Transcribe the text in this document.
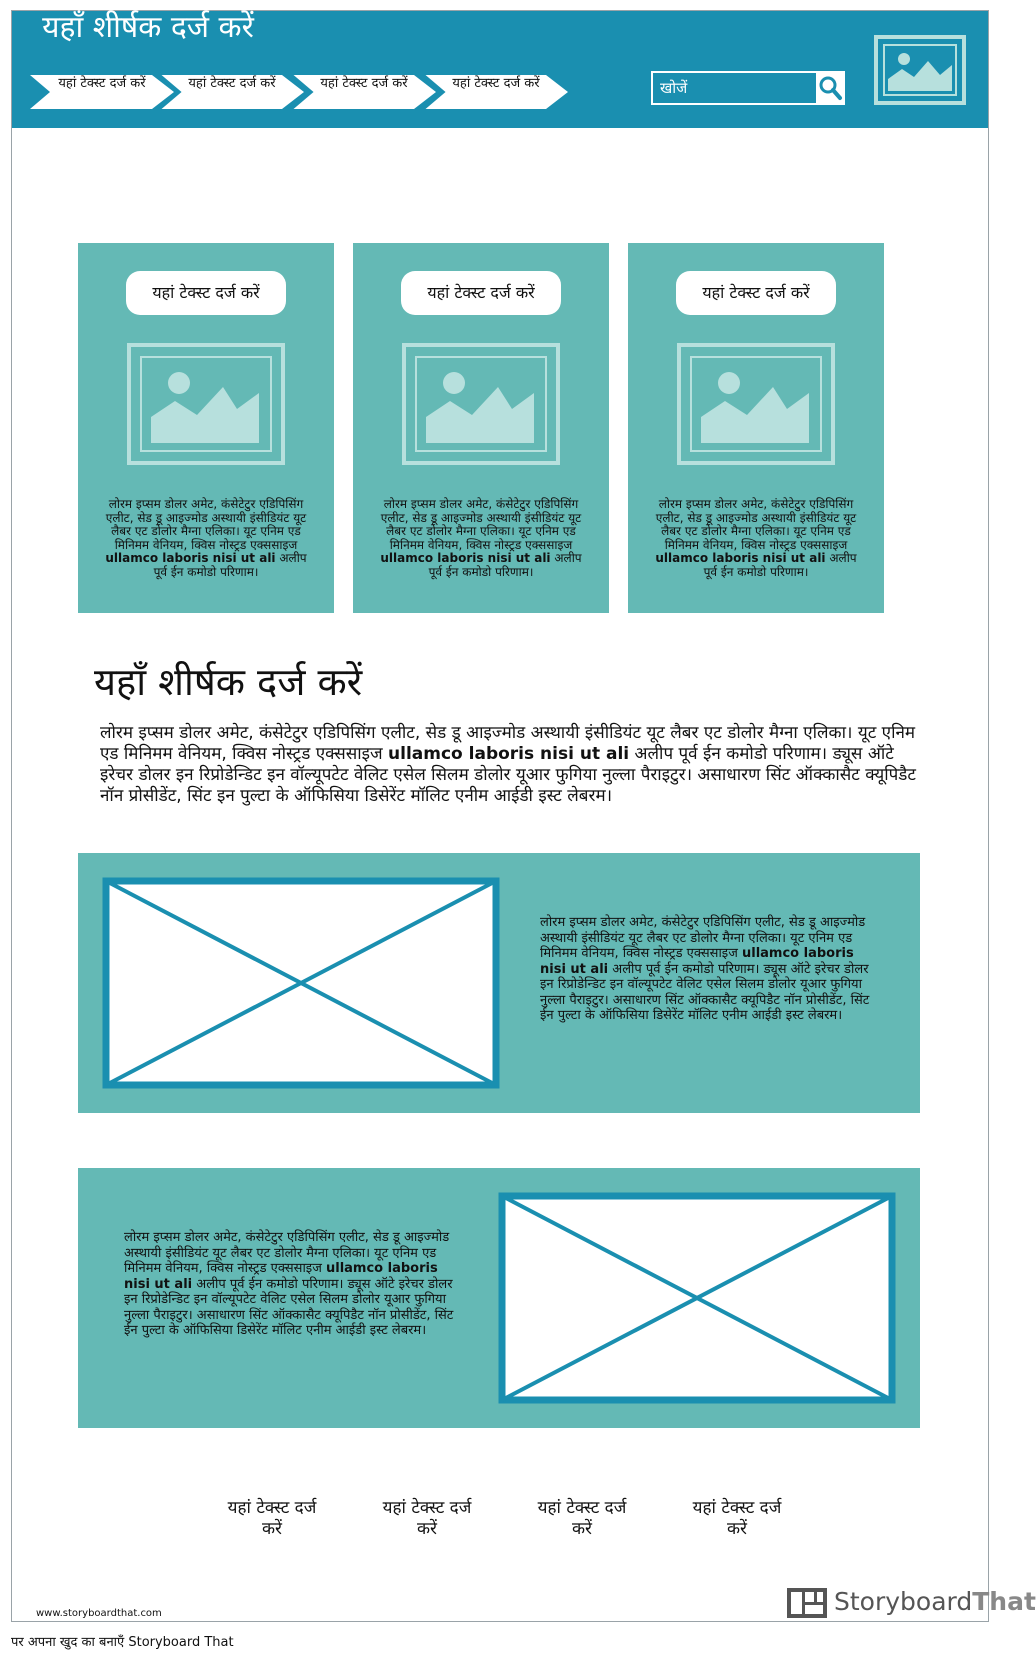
यहाँ शीर्षक दर्ज करें
यहां टेक्स्ट दर्ज करें	यहां टेक्स्ट दर्ज करें	यहां टेक्स्ट दर्ज करें	यहां टेक्स्ट दर्ज करें
खोजें
यहां टेक्स्ट दर्ज करें
लोरम इप्सम डोलर अमेट, कंसेटेटुर एडिपिसिंग एलीट, सेड डू आइज्मोड अस्थायी इंसीडियंट यूट लैबर एट डोलोर मैग्ना एलिका। यूट एनिम एड मिनिमम वेनियम, क्विस नोस्ट्रड एक्ससाइज ullamco laboris nisi ut ali अलीप पूर्व ईन कमोडो परिणाम।
यहां टेक्स्ट दर्ज करें
लोरम इप्सम डोलर अमेट, कंसेटेटुर एडिपिसिंग एलीट, सेड डू आइज्मोड अस्थायी इंसीडियंट यूट लैबर एट डोलोर मैग्ना एलिका। यूट एनिम एड मिनिमम वेनियम, क्विस नोस्ट्रड एक्ससाइज ullamco laboris nisi ut ali अलीप पूर्व ईन कमोडो परिणाम।
यहां टेक्स्ट दर्ज करें
लोरम इप्सम डोलर अमेट, कंसेटेटुर एडिपिसिंग एलीट, सेड डू आइज्मोड अस्थायी इंसीडियंट यूट लैबर एट डोलोर मैग्ना एलिका। यूट एनिम एड मिनिमम वेनियम, क्विस नोस्ट्रड एक्ससाइज ullamco laboris nisi ut ali अलीप पूर्व ईन कमोडो परिणाम।
यहाँ शीर्षक दर्ज करें
लोरम इप्सम डोलर अमेट, कंसेटेटुर एडिपिसिंग एलीट, सेड डू आइज्मोड अस्थायी इंसीडियंट यूट लैबर एट डोलोर मैग्ना एलिका। यूट एनिम एड मिनिमम वेनियम, क्विस नोस्ट्रड एक्ससाइज ullamco laboris nisi ut ali अलीप पूर्व ईन कमोडो परिणाम। ड्यूस ऑटे इरेचर डोलर इन रिप्रोडेन्डिट इन वॉल्यूपटेट वेलिट एसेल सिलम डोलोर यूआर फुगिया नुल्ला पैराइटुर। असाधारण सिंट ऑक्कासैट क्यूपिडैट नॉन प्रोसीडेंट, सिंट इन पुल्टा के ऑफिसिया डिसेरेंट मॉलिट एनीम आईडी इस्ट लेबरम।
लोरम इप्सम डोलर अमेट, कंसेटेटुर एडिपिसिंग एलीट, सेड डू आइज्मोड अस्थायी इंसीडियंट यूट लैबर एट डोलोर मैग्ना एलिका। यूट एनिम एड मिनिमम वेनियम, क्विस नोस्ट्रड एक्ससाइज ullamco laboris nisi ut ali अलीप पूर्व ईन कमोडो परिणाम। ड्यूस ऑटे इरेचर डोलर इन रिप्रोडेन्डिट इन वॉल्यूपटेट वेलिट एसेल सिलम डोलोर यूआर फुगिया नुल्ला पैराइटुर। असाधारण सिंट ऑक्कासैट क्यूपिडैट नॉन प्रोसीडेंट, सिंट ईन पुल्टा के ऑफिसिया डिसेरेंट मॉलिट एनीम आईडी इस्ट लेबरम।
लोरम इप्सम डोलर अमेट, कंसेटेटुर एडिपिसिंग एलीट, सेड डू आइज्मोड अस्थायी इंसीडियंट यूट लैबर एट डोलोर मैग्ना एलिका। यूट एनिम एड मिनिमम वेनियम, क्विस नोस्ट्रड एक्ससाइज ullamco laboris nisi ut ali अलीप पूर्व ईन कमोडो परिणाम। ड्यूस ऑटे इरेचर डोलर इन रिप्रोडेन्डिट इन वॉल्यूपटेट वेलिट एसेल सिलम डोलोर यूआर फुगिया नुल्ला पैराइटुर। असाधारण सिंट ऑक्कासैट क्यूपिडैट नॉन प्रोसीडेंट, सिंट ईन पुल्टा के ऑफिसिया डिसेरेंट मॉलिट एनीम आईडी इस्ट लेबरम।
यहां टेक्स्ट दर्ज करें
यहां टेक्स्ट दर्ज करें
यहां टेक्स्ट दर्ज करें
यहां टेक्स्ट दर्ज करें
www.storyboardthat.com	StoryboardThat
पर अपना खुद का बनाएँ Storyboard That
